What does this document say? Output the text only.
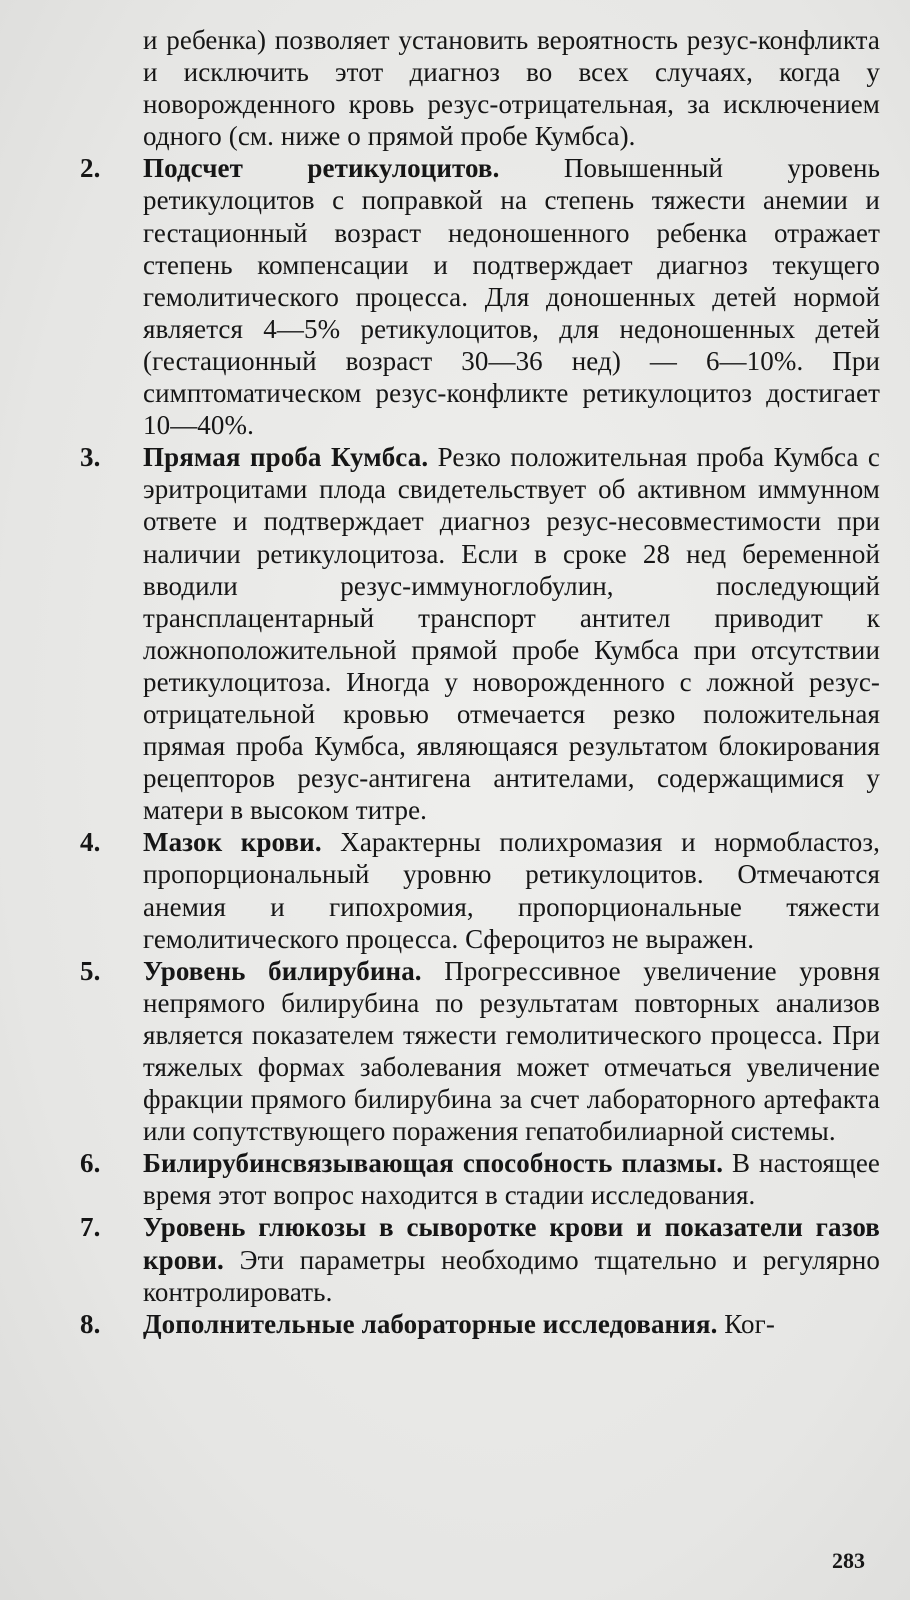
и ребенка) позволяет установить вероятность резус-конфликта и исключить этот диагноз во всех случаях, когда у новорожденного кровь резус-отрицательная, за исключением одного (см. ниже о прямой пробе Кумбса).

2. Подсчет ретикулоцитов. Повышенный уровень ретикулоцитов с поправкой на степень тяжести анемии и гестационный возраст недоношенного ребенка отражает степень компенсации и подтверждает диагноз текущего гемолитического процесса. Для доношенных детей нормой является 4—5% ретикулоцитов, для недоношенных детей (гестационный возраст 30—36 нед) — 6—10%. При симптоматическом резус-конфликте ретикулоцитоз достигает 10—40%.
3. Прямая проба Кумбса. Резко положительная проба Кумбса с эритроцитами плода свидетельствует об активном иммунном ответе и подтверждает диагноз резус-несовместимости при наличии ретикулоцитоза. Если в сроке 28 нед беременной вводили резус-иммуноглобулин, последующий трансплацентарный транспорт антител приводит к ложноположительной прямой пробе Кумбса при отсутствии ретикулоцитоза. Иногда у новорожденного с ложной резус-отрицательной кровью отмечается резко положительная прямая проба Кумбса, являющаяся результатом блокирования рецепторов резус-антигена антителами, содержащимися у матери в высоком титре.
4. Мазок крови. Характерны полихромазия и нормобластоз, пропорциональный уровню ретикулоцитов. Отмечаются анемия и гипохромия, пропорциональные тяжести гемолитического процесса. Сфероцитоз не выражен.
5. Уровень билирубина. Прогрессивное увеличение уровня непрямого билирубина по результатам повторных анализов является показателем тяжести гемолитического процесса. При тяжелых формах заболевания может отмечаться увеличение фракции прямого билирубина за счет лабораторного артефакта или сопутствующего поражения гепатобилиарной системы.
6. Билирубинсвязывающая способность плазмы. В настоящее время этот вопрос находится в стадии исследования.
7. Уровень глюкозы в сыворотке крови и показатели газов крови. Эти параметры необходимо тщательно и регулярно контролировать.
8. Дополнительные лабораторные исследования. Ког-
283
